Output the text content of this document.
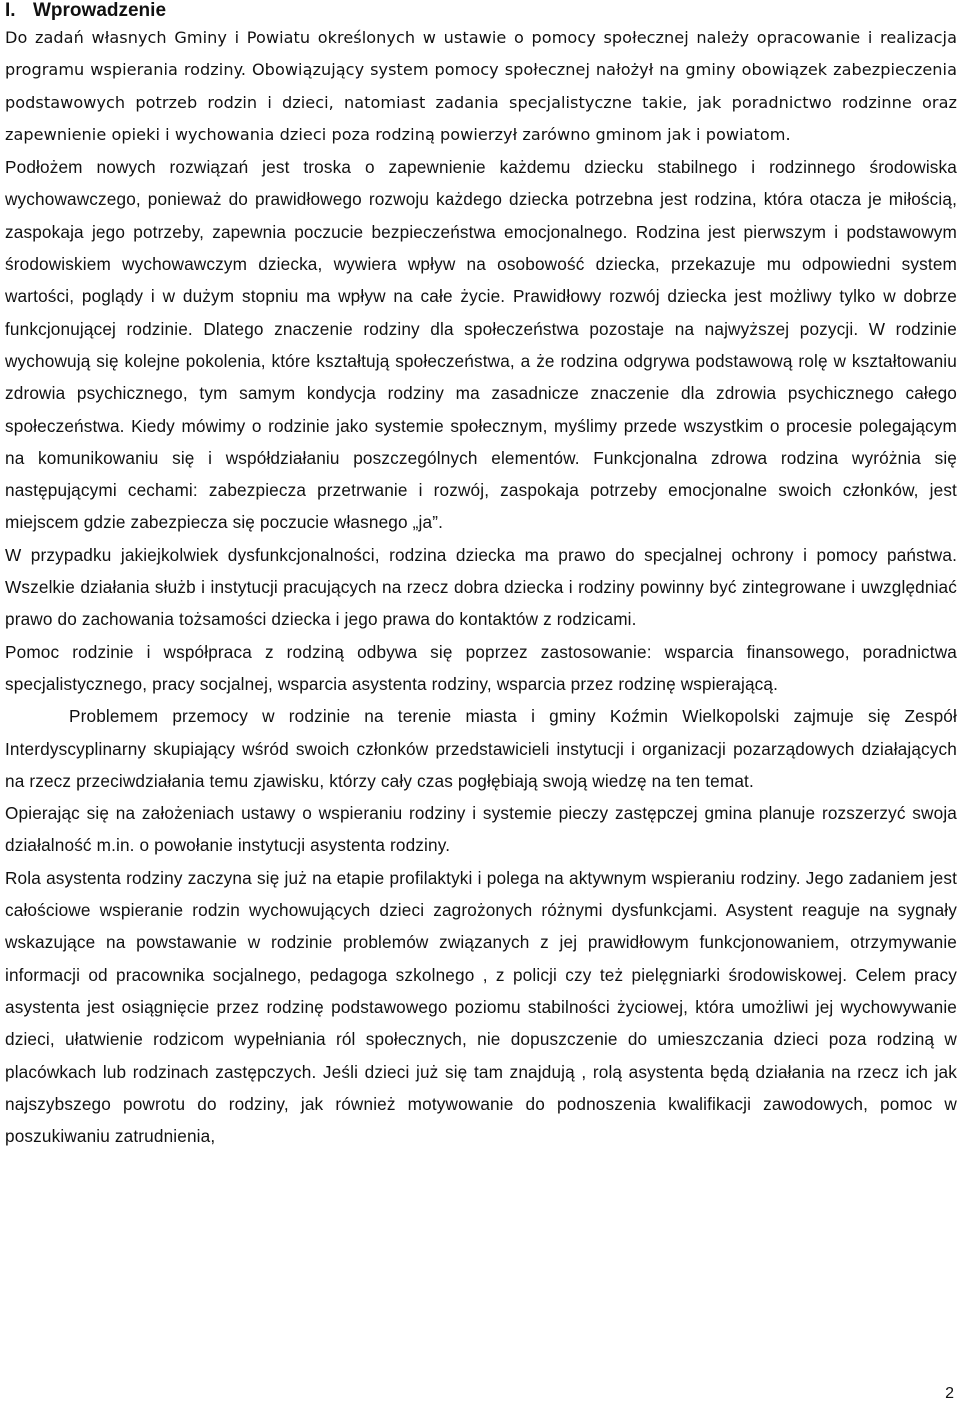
I. Wprowadzenie

Do zadań własnych Gminy i Powiatu określonych w ustawie o pomocy społecznej należy opracowanie i realizacja programu wspierania rodziny. Obowiązujący system pomocy społecznej nałożył na gminy obowiązek zabezpieczenia podstawowych potrzeb rodzin i dzieci, natomiast zadania specjalistyczne takie, jak poradnictwo rodzinne oraz zapewnienie opieki i wychowania dzieci poza rodziną powierzył zarówno gminom jak i powiatom.

Podłożem nowych rozwiązań jest troska o zapewnienie każdemu dziecku stabilnego i rodzinnego środowiska wychowawczego, ponieważ do prawidłowego rozwoju każdego dziecka potrzebna jest rodzina, która otacza je miłością, zaspokaja jego potrzeby, zapewnia poczucie bezpieczeństwa emocjonalnego. Rodzina jest pierwszym i podstawowym środowiskiem wychowawczym dziecka, wywiera wpływ na osobowość dziecka, przekazuje mu odpowiedni system wartości, poglądy i w dużym stopniu ma wpływ na całe życie. Prawidłowy rozwój dziecka jest możliwy tylko w dobrze funkcjonującej rodzinie. Dlatego znaczenie rodziny dla społeczeństwa pozostaje na najwyższej pozycji. W rodzinie wychowują się kolejne pokolenia, które kształtują społeczeństwa, a że rodzina odgrywa podstawową rolę w kształtowaniu zdrowia psychicznego, tym samym kondycja rodziny ma zasadnicze znaczenie dla zdrowia psychicznego całego społeczeństwa. Kiedy mówimy o rodzinie jako systemie społecznym, myślimy przede wszystkim o procesie polegającym na komunikowaniu się i współdziałaniu poszczególnych elementów. Funkcjonalna zdrowa rodzina wyróżnia się następującymi cechami: zabezpiecza przetrwanie i rozwój, zaspokaja potrzeby emocjonalne swoich członków, jest miejscem gdzie zabezpiecza się poczucie własnego „ja”.

W przypadku jakiejkolwiek dysfunkcjonalności, rodzina dziecka ma prawo do specjalnej ochrony i pomocy państwa. Wszelkie działania służb i instytucji pracujących na rzecz dobra dziecka i rodziny powinny być zintegrowane i uwzględniać prawo do zachowania tożsamości dziecka i jego prawa do kontaktów z rodzicami.

Pomoc rodzinie i współpraca z rodziną odbywa się poprzez zastosowanie: wsparcia finansowego, poradnictwa specjalistycznego, pracy socjalnej, wsparcia asystenta rodziny, wsparcia przez rodzinę wspierającą.

Problemem przemocy w rodzinie na terenie miasta i gminy Koźmin Wielkopolski zajmuje się Zespół Interdyscyplinarny skupiający wśród swoich członków przedstawicieli instytucji i organizacji pozarządowych działających na rzecz przeciwdziałania temu zjawisku, którzy cały czas pogłębiają swoją wiedzę na ten temat.

Opierając się na założeniach ustawy o wspieraniu rodziny i systemie pieczy zastępczej gmina planuje rozszerzyć swoja działalność m.in. o powołanie instytucji asystenta rodziny.

Rola asystenta rodziny zaczyna się już na etapie profilaktyki i polega na aktywnym wspieraniu rodziny. Jego zadaniem jest całościowe wspieranie rodzin wychowujących dzieci zagrożonych różnymi dysfunkcjami. Asystent reaguje na sygnały wskazujące na powstawanie w rodzinie problemów związanych z jej prawidłowym funkcjonowaniem, otrzymywanie informacji od pracownika socjalnego, pedagoga szkolnego , z policji czy też pielęgniarki środowiskowej. Celem pracy asystenta jest osiągnięcie przez rodzinę podstawowego poziomu stabilności życiowej, która umożliwi jej wychowywanie dzieci, ułatwienie rodzicom wypełniania ról społecznych, nie dopuszczenie do umieszczania dzieci poza rodziną w placówkach lub rodzinach zastępczych. Jeśli dzieci już się tam znajdują , rolą asystenta będą działania na rzecz ich jak najszybszego powrotu do rodziny, jak również motywowanie do podnoszenia kwalifikacji zawodowych, pomoc w poszukiwaniu zatrudnienia,

2
